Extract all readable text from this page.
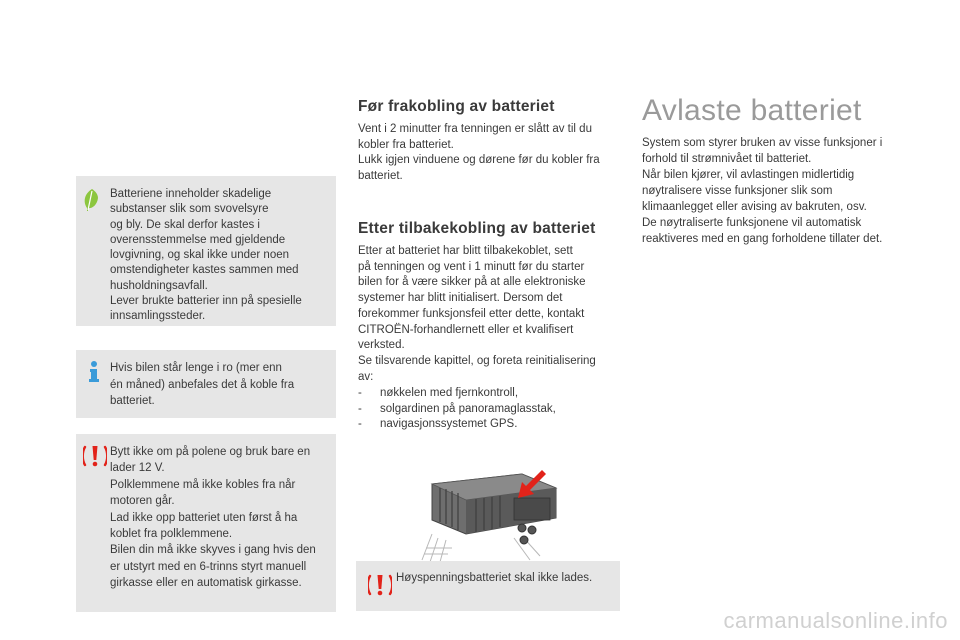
Batteriene inneholder skadelige
substanser slik som svovelsyre
og bly. De skal derfor kastes i
overensstemmelse med gjeldende
lovgivning, og skal ikke under noen
omstendigheter kastes sammen med
husholdningsavfall.
Lever brukte batterier inn på spesielle
innsamlingssteder.
Hvis bilen står lenge i ro (mer enn
én måned) anbefales det å koble fra
batteriet.
Bytt ikke om på polene og bruk bare en
lader 12 V.
Polklemmene må ikke kobles fra når
motoren går.
Lad ikke opp batteriet uten først å ha
koblet fra polklemmene.
Bilen din må ikke skyves i gang hvis den
er utstyrt med en 6-trinns styrt manuell
girkasse eller en automatisk girkasse.
Før frakobling av batteriet
Vent i 2 minutter fra tenningen er slått av til du
kobler fra batteriet.
Lukk igjen vinduene og dørene før du kobler fra
batteriet.
Etter tilbakekobling av batteriet
Etter at batteriet har blitt tilbakekoblet, sett
på tenningen og vent i 1 minutt før du starter
bilen for å være sikker på at alle elektroniske
systemer har blitt initialisert. Dersom det
forekommer funksjonsfeil etter dette, kontakt
CITROËN-forhandlernett eller et kvalifisert
verksted.
Se tilsvarende kapittel, og foreta reinitialisering
av:
- nøkkelen med fjernkontroll,
- solgardinen på panoramaglasstak,
- navigasjonssystemet GPS.
Høyspenningsbatteriet skal ikke lades.
Avlaste batteriet
System som styrer bruken av visse funksjoner i
forhold til strømnivået til batteriet.
Når bilen kjører, vil avlastingen midlertidig
nøytralisere visse funksjoner slik som
klimaanlegget eller avising av bakruten, osv.
De nøytraliserte funksjonene vil automatisk
reaktiveres med en gang forholdene tillater det.
carmanualsonline.info
